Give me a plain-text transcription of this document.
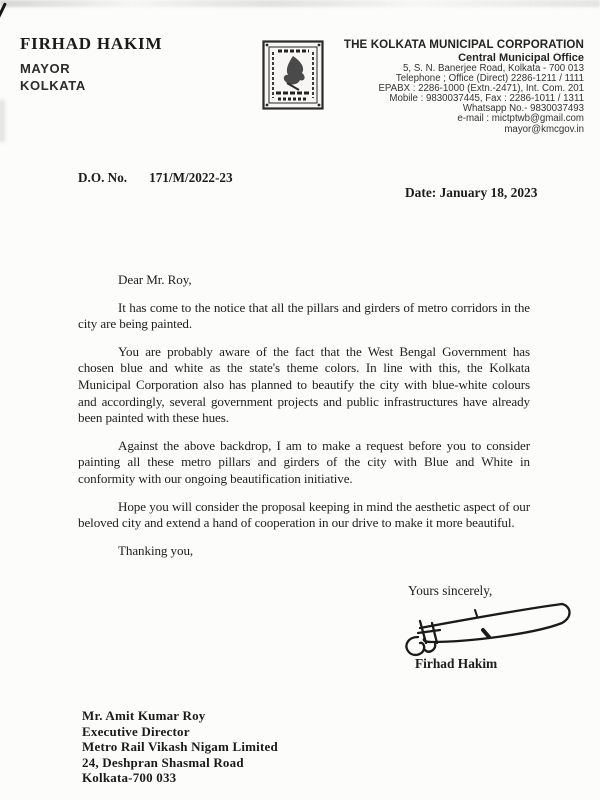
FIRHAD HAKIM
MAYOR
KOLKATA
THE KOLKATA MUNICIPAL CORPORATION
Central Municipal Office
5, S. N. Banerjee Road, Kolkata - 700 013
Telephone ; Office (Direct) 2286-1211 / 1111
EPABX : 2286-1000 (Extn.-2471), Int. Com. 201
Mobile : 9830037445, Fax : 2286-1011 / 1311
Whatsapp No.- 9830037493
e-mail : mictptwb@gmail.com
mayor@kmcgov.in
D.O. No. 171/M/2022-23
Date: January 18, 2023

Dear Mr. Roy,

It has come to the notice that all the pillars and girders of metro corridors in the city are being painted.

You are probably aware of the fact that the West Bengal Government has chosen blue and white as the state's theme colors. In line with this, the Kolkata Municipal Corporation also has planned to beautify the city with blue-white colours and accordingly, several government projects and public infrastructures have already been painted with these hues.

Against the above backdrop, I am to make a request before you to consider painting all these metro pillars and girders of the city with Blue and White in conformity with our ongoing beautification initiative.

Hope you will consider the proposal keeping in mind the aesthetic aspect of our beloved city and extend a hand of cooperation in our drive to make it more beautiful.

Thanking you,

Yours sincerely,
Firhad Hakim
Mr. Amit Kumar Roy
Executive Director
Metro Rail Vikash Nigam Limited
24, Deshpran Shasmal Road
Kolkata-700 033
